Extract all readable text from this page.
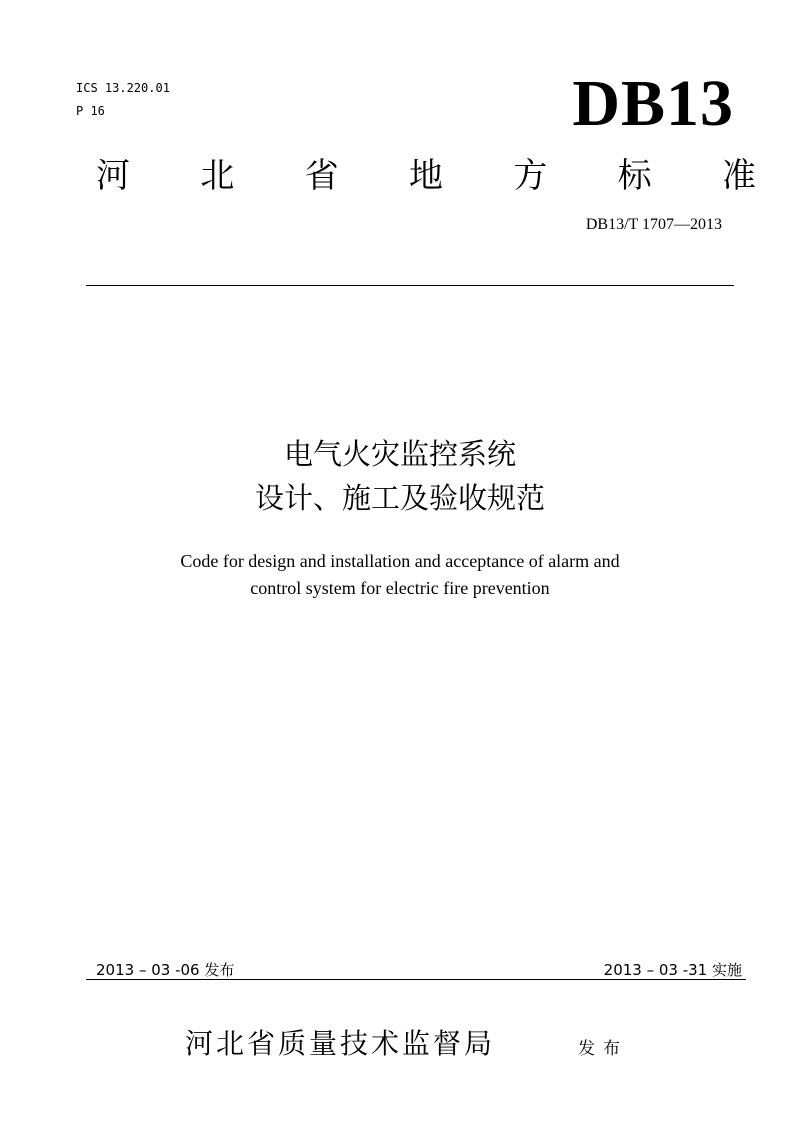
ICS 13.220.01
P 16	DB13
河 北 省 地 方 标 准
DB13/T 1707—2013
电气火灾监控系统
设计、施工及验收规范
Code for design and installation and acceptance of alarm and
control system for electric fire prevention
2013 – 03 -06 发布	2013 – 03 -31 实施
河北省质量技术监督局	发布
